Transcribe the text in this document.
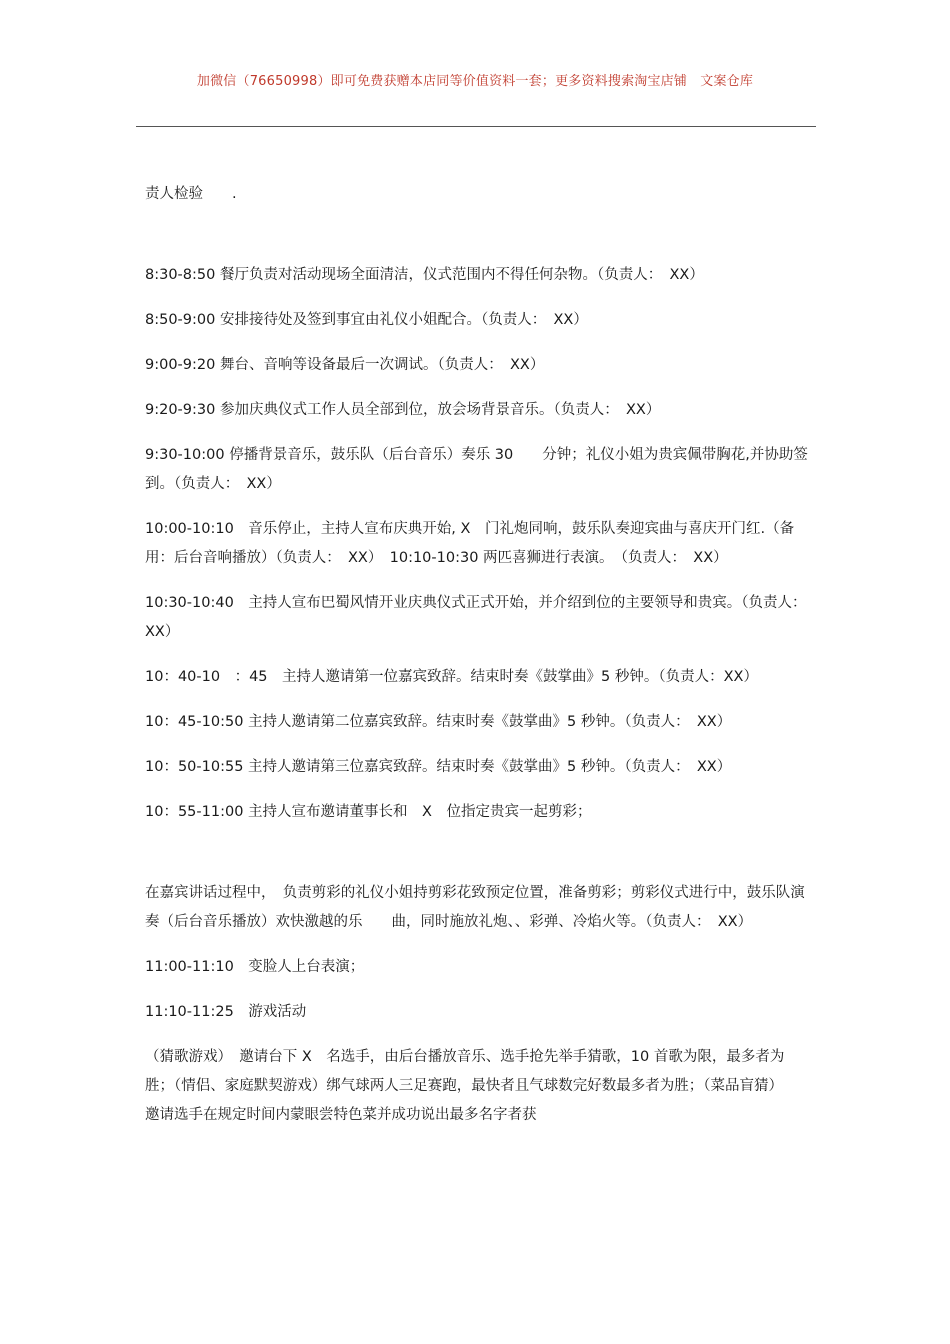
加微信（76650998）即可免费获赠本店同等价值资料一套；更多资料搜索淘宝店铺　文案仓库

责人检验　　.

8:30-8:50 餐厅负责对活动现场全面清洁，仪式范围内不得任何杂物。（负责人：　XX）

8:50-9:00 安排接待处及签到事宜由礼仪小姐配合。（负责人：　XX）

9:00-9:20 舞台、音响等设备最后一次调试。（负责人：　XX）

9:20-9:30 参加庆典仪式工作人员全部到位，放会场背景音乐。（负责人：　XX）

9:30-10:00 停播背景音乐，鼓乐队（后台音乐）奏乐 30　　分钟；礼仪小姐为贵宾佩带胸花,并协助签到。（负责人：　XX）

10:00-10:10　音乐停止，主持人宣布庆典开始, X　门礼炮同响，鼓乐队奏迎宾曲与喜庆开门红.（备用：后台音响播放）（负责人：　XX）　10:10-10:30 两匹喜狮进行表演。　（负责人：　XX）

10:30-10:40　主持人宣布巴蜀风情开业庆典仪式正式开始，并介绍到位的主要领导和贵宾。（负责人：　XX）

10：40-10　：45　主持人邀请第一位嘉宾致辞。结束时奏《鼓掌曲》5 秒钟。（负责人：XX）

10：45-10:50 主持人邀请第二位嘉宾致辞。结束时奏《鼓掌曲》5 秒钟。（负责人：　XX）

10：50-10:55 主持人邀请第三位嘉宾致辞。结束时奏《鼓掌曲》5 秒钟。（负责人：　XX）

10：55-11:00 主持人宣布邀请董事长和　X　位指定贵宾一起剪彩；

在嘉宾讲话过程中，　负责剪彩的礼仪小姐持剪彩花致预定位置，准备剪彩；剪彩仪式进行中，鼓乐队演奏（后台音乐播放）欢快激越的乐　　曲，同时施放礼炮、、彩弹、冷焰火等。（负责人：　XX）

11:00-11:10　变脸人上台表演；

11:10-11:25　游戏活动

（猜歌游戏）　邀请台下 X　名选手，由后台播放音乐、选手抢先举手猜歌，10 首歌为限，最多者为胜；（情侣、家庭默契游戏）绑气球两人三足赛跑，最快者且气球数完好数最多者为胜；（菜品盲猜）　　邀请选手在规定时间内蒙眼尝特色菜并成功说出最多名字者获
